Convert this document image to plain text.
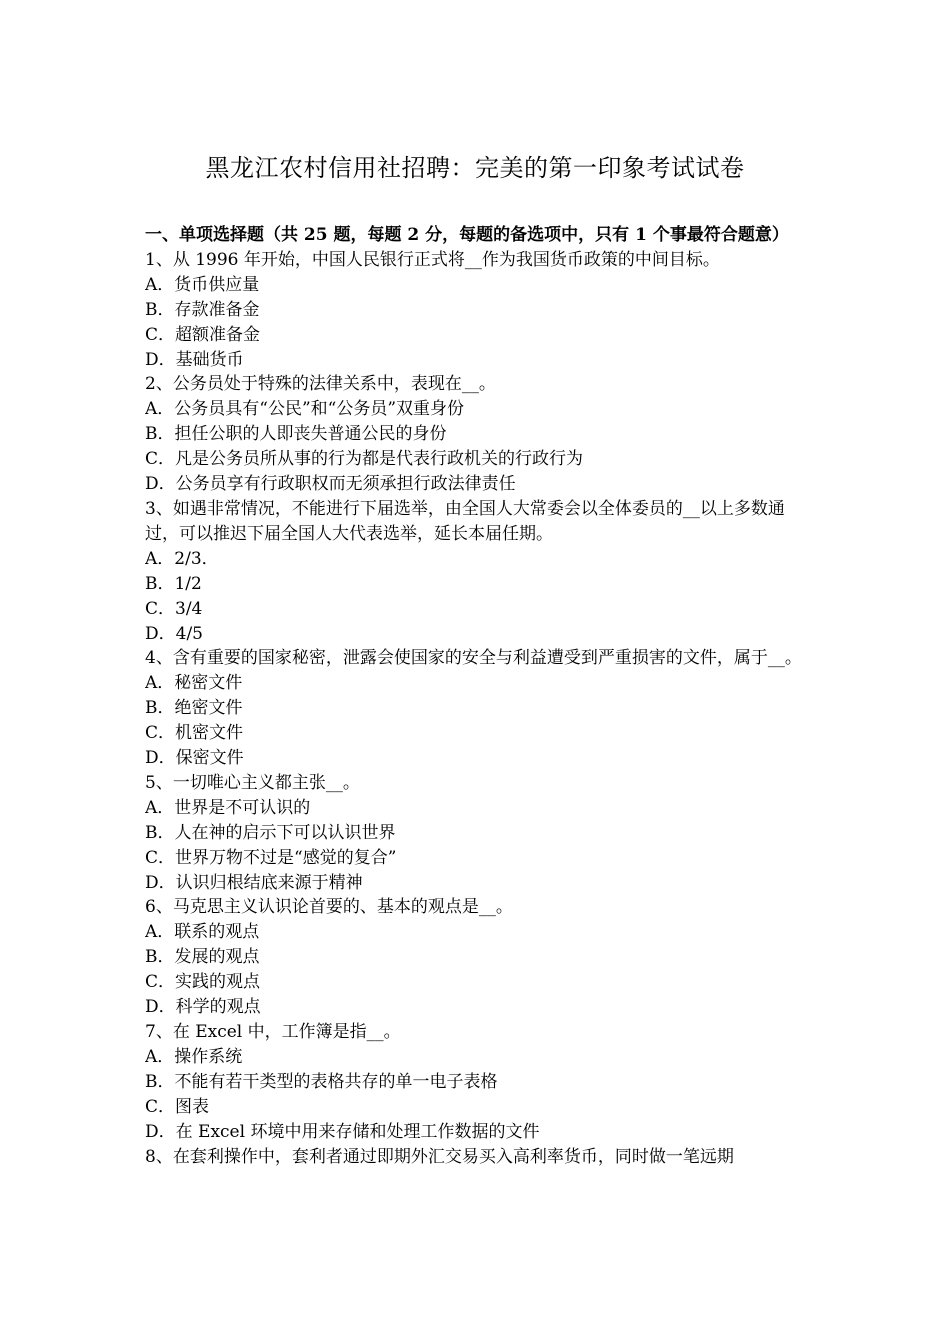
黑龙江农村信用社招聘：完美的第一印象考试试卷
一、单项选择题（共 25 题，每题 2 分，每题的备选项中，只有 1 个事最符合题意）
1、从 1996 年开始，中国人民银行正式将__作为我国货币政策的中间目标。
A．货币供应量
B．存款准备金
C．超额准备金
D．基础货币
2、公务员处于特殊的法律关系中，表现在__。
A．公务员具有“公民”和“公务员”双重身份
B．担任公职的人即丧失普通公民的身份
C．凡是公务员所从事的行为都是代表行政机关的行政行为
D．公务员享有行政职权而无须承担行政法律责任
3、如遇非常情况，不能进行下届选举，由全国人大常委会以全体委员的__以上多数通过，可以推迟下届全国人大代表选举，延长本届任期。
A．2/3．
B．1/2
C．3/4
D．4/5
4、含有重要的国家秘密，泄露会使国家的安全与利益遭受到严重损害的文件，属于__。
A．秘密文件
B．绝密文件
C．机密文件
D．保密文件
5、一切唯心主义都主张__。
A．世界是不可认识的
B．人在神的启示下可以认识世界
C．世界万物不过是“感觉的复合”
D．认识归根结底来源于精神
6、马克思主义认识论首要的、基本的观点是__。
A．联系的观点
B．发展的观点
C．实践的观点
D．科学的观点
7、在 Excel 中，工作簿是指__。
A．操作系统
B．不能有若干类型的表格共存的单一电子表格
C．图表
D．在 Excel 环境中用来存储和处理工作数据的文件
8、在套利操作中，套利者通过即期外汇交易买入高利率货币，同时做一笔远期
